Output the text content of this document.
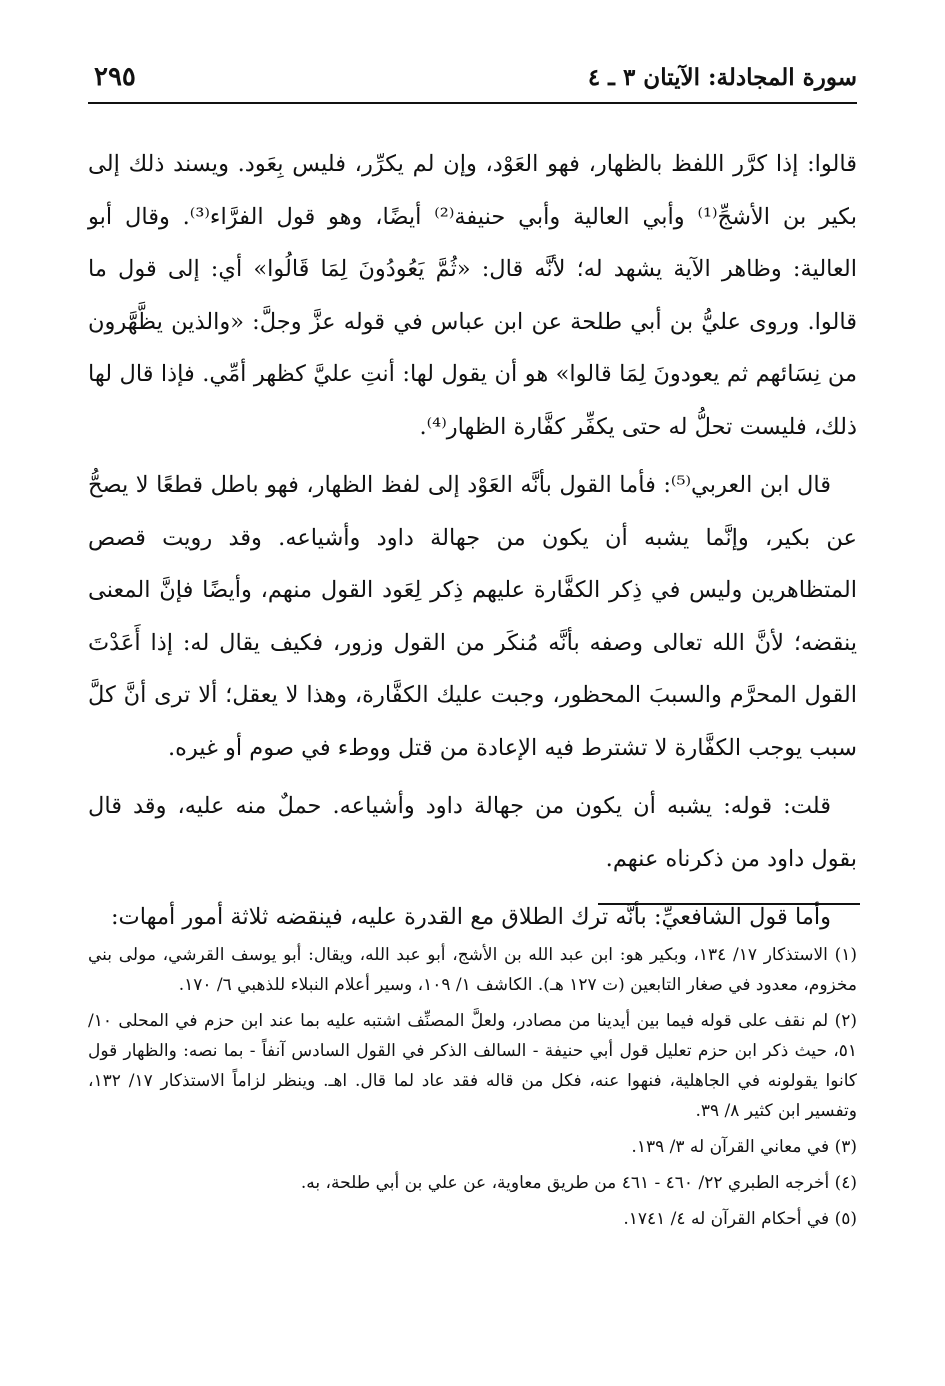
٢٩٥	سورة المجادلة: الآيتان ٣ ـ ٤

قالوا: إذا كرَّر اللفظ بالظهار، فهو العَوْد، وإن لم يكرِّر، فليس بِعَود. ويسند ذلك إلى بكير بن الأشجِّ⁽¹⁾ وأبي العالية وأبي حنيفة⁽²⁾ أيضًا، وهو قول الفرَّاء⁽³⁾. وقال أبو العالية: وظاهر الآية يشهد له؛ لأنَّه قال: «ثُمَّ يَعُودُونَ لِمَا قَالُوا» أي: إلى قول ما قالوا. وروى عليُّ بن أبي طلحة عن ابن عباس في قوله عزَّ وجلَّ: «والذين يظَّهَّرون من نِسَائهم ثم يعودونَ لِمَا قالوا» هو أن يقول لها: أنتِ عليَّ كظهر أمِّي. فإذا قال لها ذلك، فليست تحلُّ له حتى يكفِّر كفَّارة الظهار⁽⁴⁾.

قال ابن العربي⁽⁵⁾: فأما القول بأنَّه العَوْد إلى لفظ الظهار، فهو باطل قطعًا لا يصحُّ عن بكير، وإنَّما يشبه أن يكون من جهالة داود وأشياعه. وقد رويت قصص المتظاهرين وليس في ذِكر الكفَّارة عليهم ذِكر لِعَود القول منهم، وأيضًا فإنَّ المعنى ينقضه؛ لأنَّ الله تعالى وصفه بأنَّه مُنكَر من القول وزور، فكيف يقال له: إذا أَعَدْتَ القول المحرَّم والسببَ المحظور، وجبت عليك الكفَّارة، وهذا لا يعقل؛ ألا ترى أنَّ كلَّ سبب يوجب الكفَّارة لا تشترط فيه الإعادة من قتل ووطء في صوم أو غيره.

قلت: قوله: يشبه أن يكون من جهالة داود وأشياعه. حملٌ منه عليه، وقد قال بقول داود من ذكرناه عنهم.

وأما قول الشافعيِّ: بأنَّه ترك الطلاق مع القدرة عليه، فينقضه ثلاثة أمور أمهات:

(١) الاستذكار ١٧/ ١٣٤، وبكير هو: ابن عبد الله بن الأشج، أبو عبد الله، ويقال: أبو يوسف القرشي، مولى بني مخزوم، معدود في صغار التابعين (ت ١٢٧ هـ). الكاشف ١/ ١٠٩، وسير أعلام النبلاء للذهبي ٦/ ١٧٠.

(٢) لم نقف على قوله فيما بين أيدينا من مصادر، ولعلَّ المصنِّف اشتبه عليه بما عند ابن حزم في المحلى ١٠/ ٥١، حيث ذكر ابن حزم تعليل قول أبي حنيفة - السالف الذكر في القول السادس آنفاً - بما نصه: والظهار قول كانوا يقولونه في الجاهلية، فنهوا عنه، فكل من قاله فقد عاد لما قال. اهـ. وينظر لزاماً الاستذكار ١٧/ ١٣٢، وتفسير ابن كثير ٨/ ٣٩.

(٣) في معاني القرآن له ٣/ ١٣٩.

(٤) أخرجه الطبري ٢٢/ ٤٦٠ - ٤٦١ من طريق معاوية، عن علي بن أبي طلحة، به.

(٥) في أحكام القرآن له ٤/ ١٧٤١.
